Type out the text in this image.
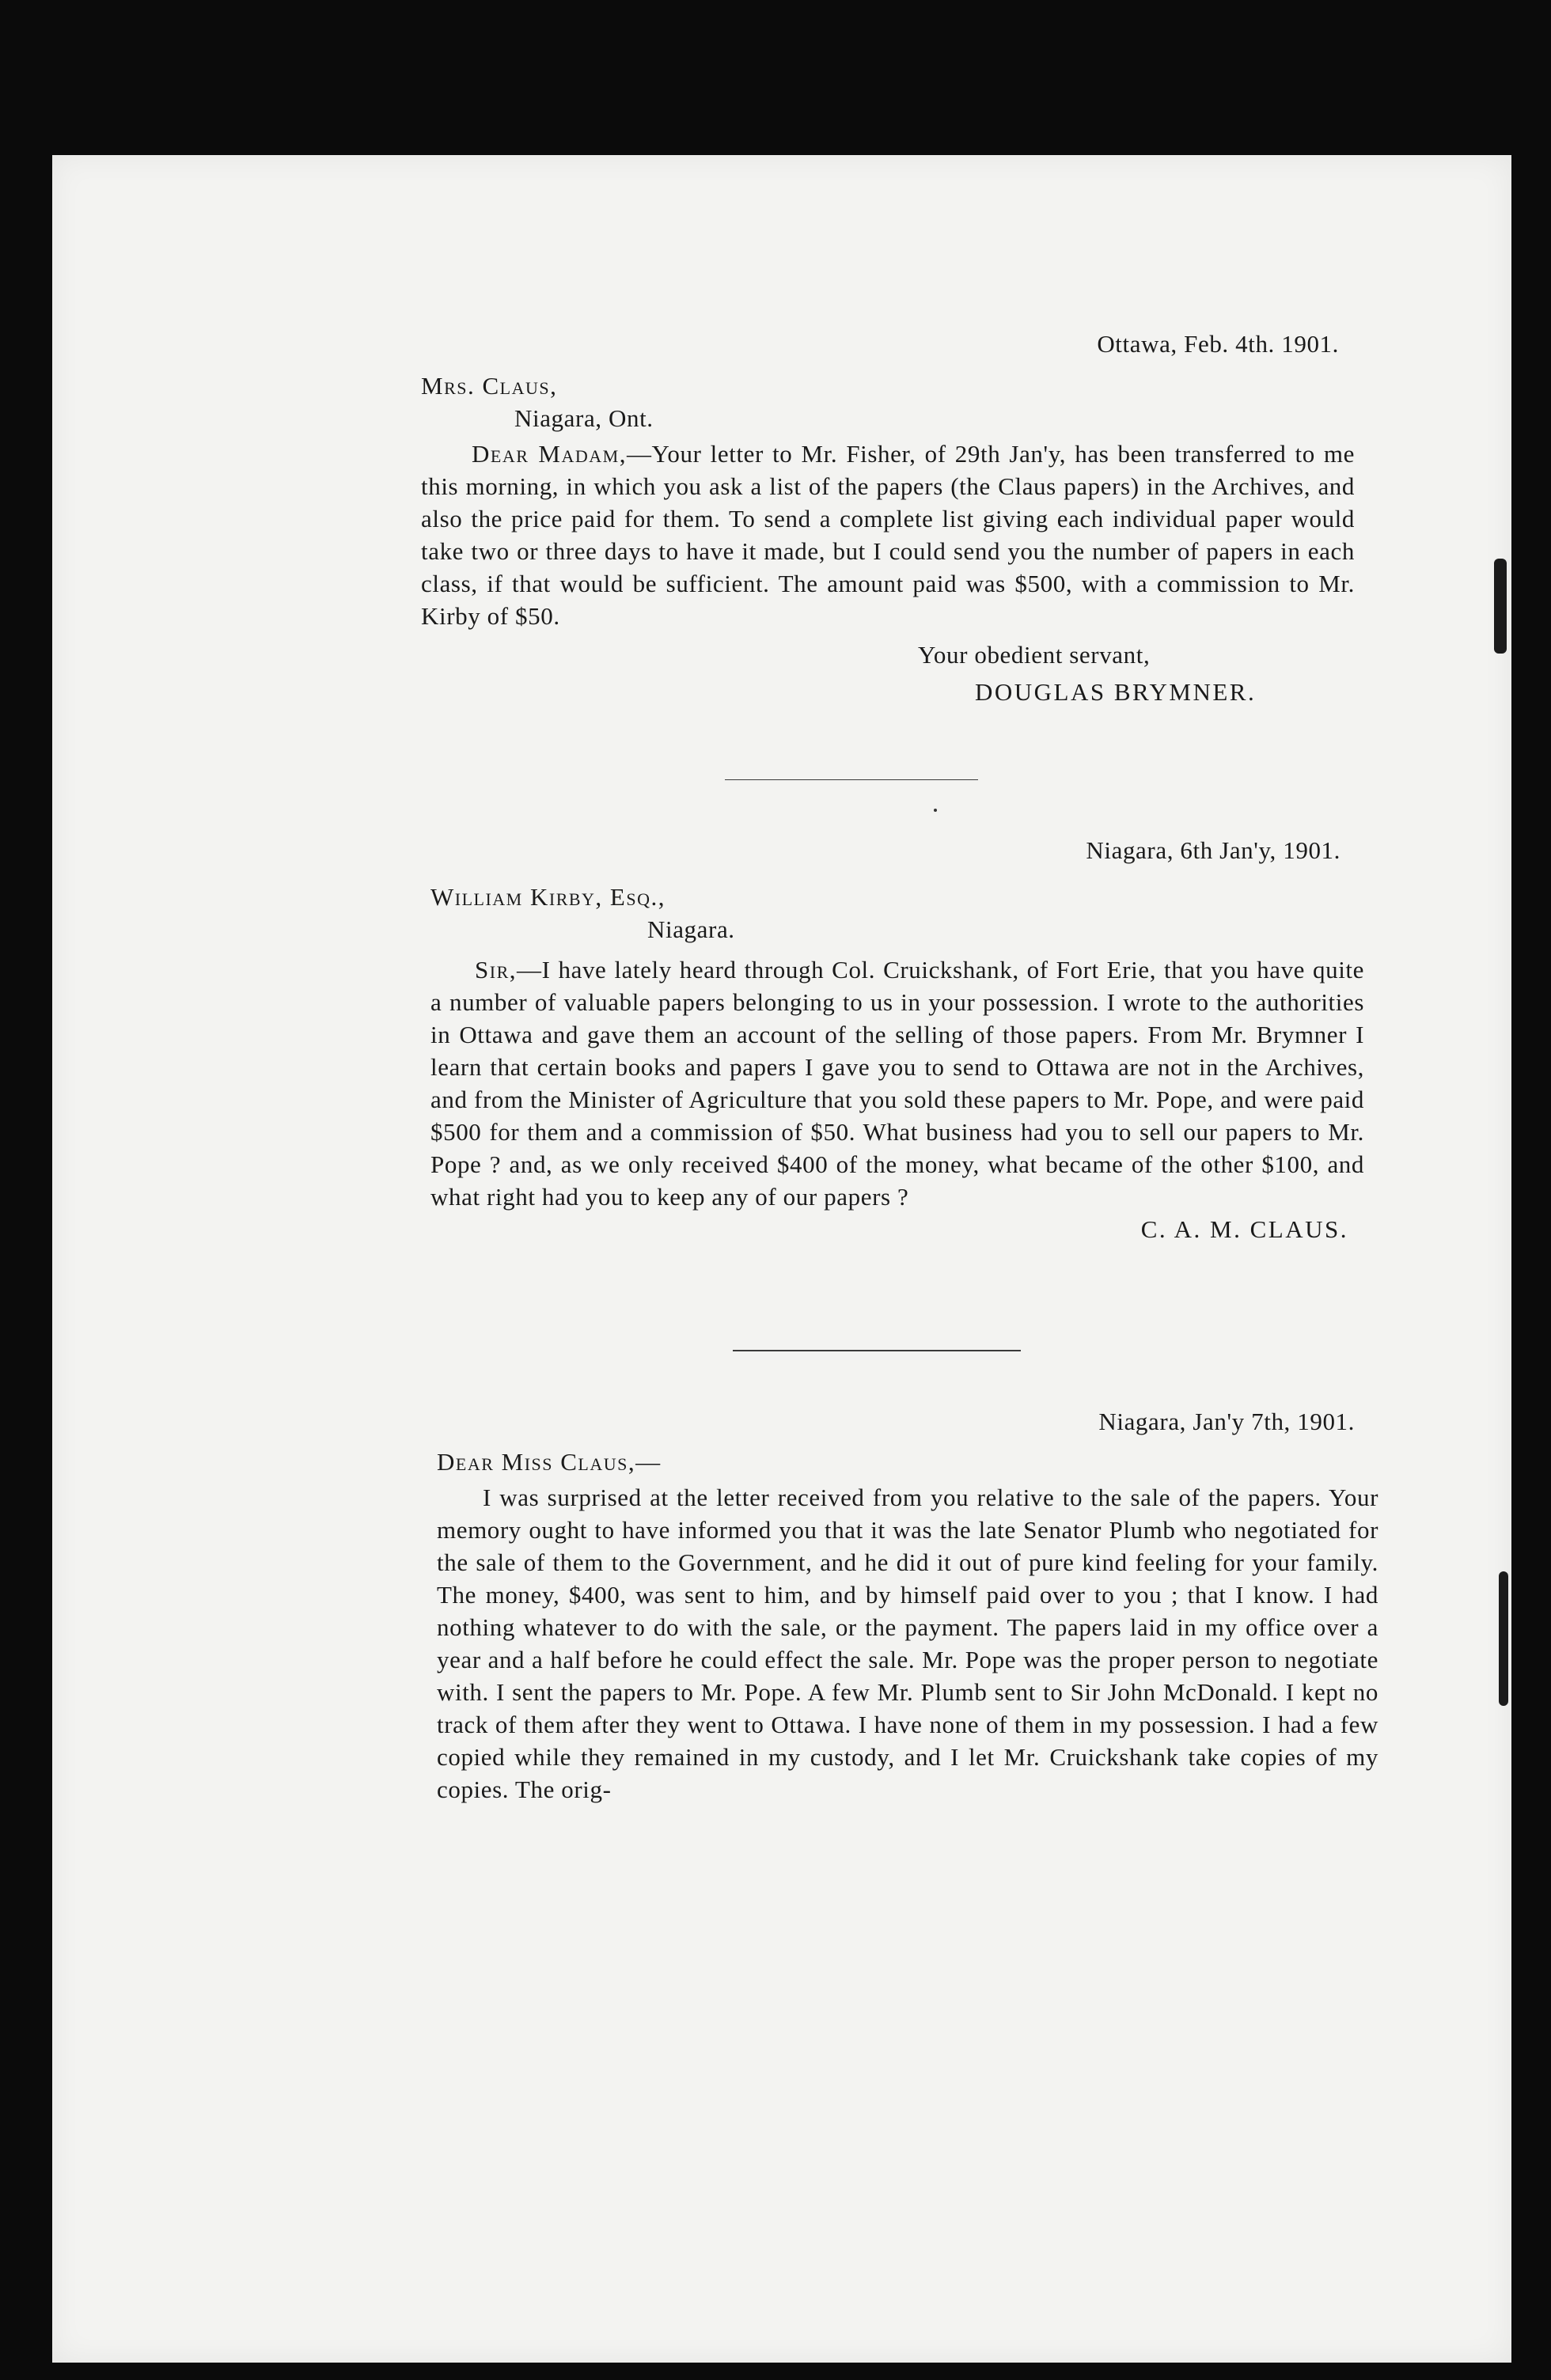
Ottawa, Feb. 4th. 1901.

Mrs. Claus,

Niagara, Ont.

Dear Madam,—Your letter to Mr. Fisher, of 29th Jan'y, has been transferred to me this morning, in which you ask a list of the papers (the Claus papers) in the Archives, and also the price paid for them. To send a complete list giving each individual paper would take two or three days to have it made, but I could send you the number of papers in each class, if that would be sufficient. The amount paid was $500, with a commission to Mr. Kirby of $50.

Your obedient servant,

DOUGLAS BRYMNER.

Niagara, 6th Jan'y, 1901.

William Kirby, Esq.,

Niagara.

Sir,—I have lately heard through Col. Cruickshank, of Fort Erie, that you have quite a number of valuable papers belonging to us in your possession. I wrote to the authorities in Ottawa and gave them an account of the selling of those papers. From Mr. Brymner I learn that certain books and papers I gave you to send to Ottawa are not in the Archives, and from the Minister of Agriculture that you sold these papers to Mr. Pope, and were paid $500 for them and a commission of $50. What business had you to sell our papers to Mr. Pope ? and, as we only received $400 of the money, what became of the other $100, and what right had you to keep any of our papers ?

C. A. M. CLAUS.

Niagara, Jan'y 7th, 1901.

Dear Miss Claus,—

I was surprised at the letter received from you relative to the sale of the papers. Your memory ought to have informed you that it was the late Senator Plumb who negotiated for the sale of them to the Government, and he did it out of pure kind feeling for your family. The money, $400, was sent to him, and by himself paid over to you ; that I know. I had nothing whatever to do with the sale, or the payment. The papers laid in my office over a year and a half before he could effect the sale. Mr. Pope was the proper person to negotiate with. I sent the papers to Mr. Pope. A few Mr. Plumb sent to Sir John McDonald. I kept no track of them after they went to Ottawa. I have none of them in my possession. I had a few copied while they remained in my custody, and I let Mr. Cruickshank take copies of my copies. The orig-
